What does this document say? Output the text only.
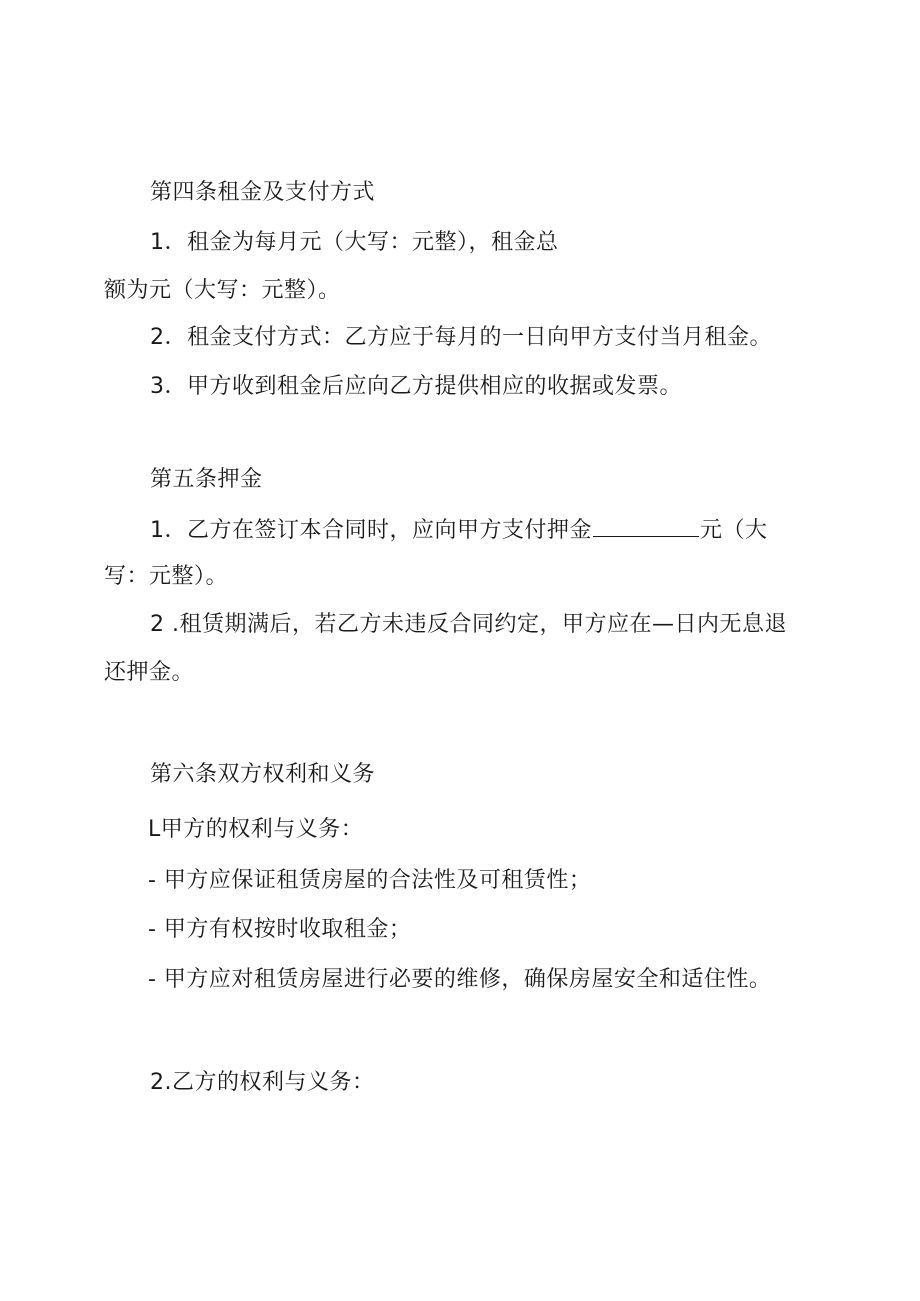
第四条租金及支付方式
1．租金为每月元（大写：元整），租金总
额为元（大写：元整）。
2．租金支付方式：乙方应于每月的一日向甲方支付当月租金。
3．甲方收到租金后应向乙方提供相应的收据或发票。
第五条押金
1．乙方在签订本合同时，应向甲方支付押金	元（大
写：元整）。
2 .租赁期满后，若乙方未违反合同约定，甲方应在—日内无息退
还押金。
第六条双方权利和义务
L甲方的权利与义务：
- 甲方应保证租赁房屋的合法性及可租赁性；
- 甲方有权按时收取租金；
- 甲方应对租赁房屋进行必要的维修，确保房屋安全和适住性。
2.乙方的权利与义务：
